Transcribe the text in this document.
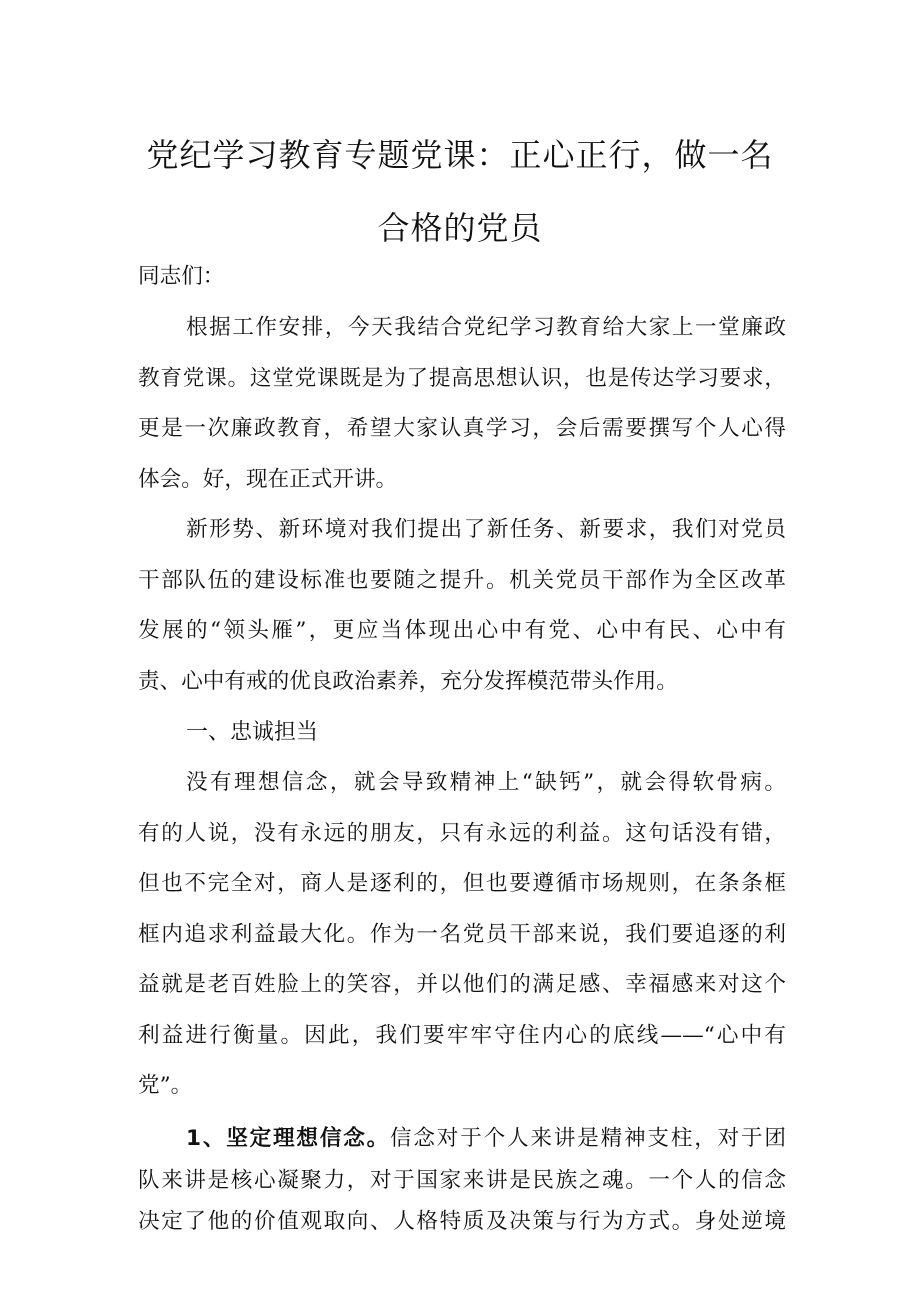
党纪学习教育专题党课：正心正行，做一名
合格的党员

同志们：

根据工作安排，今天我结合党纪学习教育给大家上一堂廉政

教育党课。这堂党课既是为了提高思想认识，也是传达学习要求，

更是一次廉政教育，希望大家认真学习，会后需要撰写个人心得

体会。好，现在正式开讲。

新形势、新环境对我们提出了新任务、新要求，我们对党员

干部队伍的建设标准也要随之提升。机关党员干部作为全区改革

发展的“领头雁”，更应当体现出心中有党、心中有民、心中有

责、心中有戒的优良政治素养，充分发挥模范带头作用。

一、忠诚担当

没有理想信念，就会导致精神上“缺钙”，就会得软骨病。

有的人说，没有永远的朋友，只有永远的利益。这句话没有错，

但也不完全对，商人是逐利的，但也要遵循市场规则，在条条框

框内追求利益最大化。作为一名党员干部来说，我们要追逐的利

益就是老百姓脸上的笑容，并以他们的满足感、幸福感来对这个

利益进行衡量。因此，我们要牢牢守住内心的底线——“心中有

党”。

1、坚定理想信念。信念对于个人来讲是精神支柱，对于团

队来讲是核心凝聚力，对于国家来讲是民族之魂。一个人的信念

决定了他的价值观取向、人格特质及决策与行为方式。身处逆境
